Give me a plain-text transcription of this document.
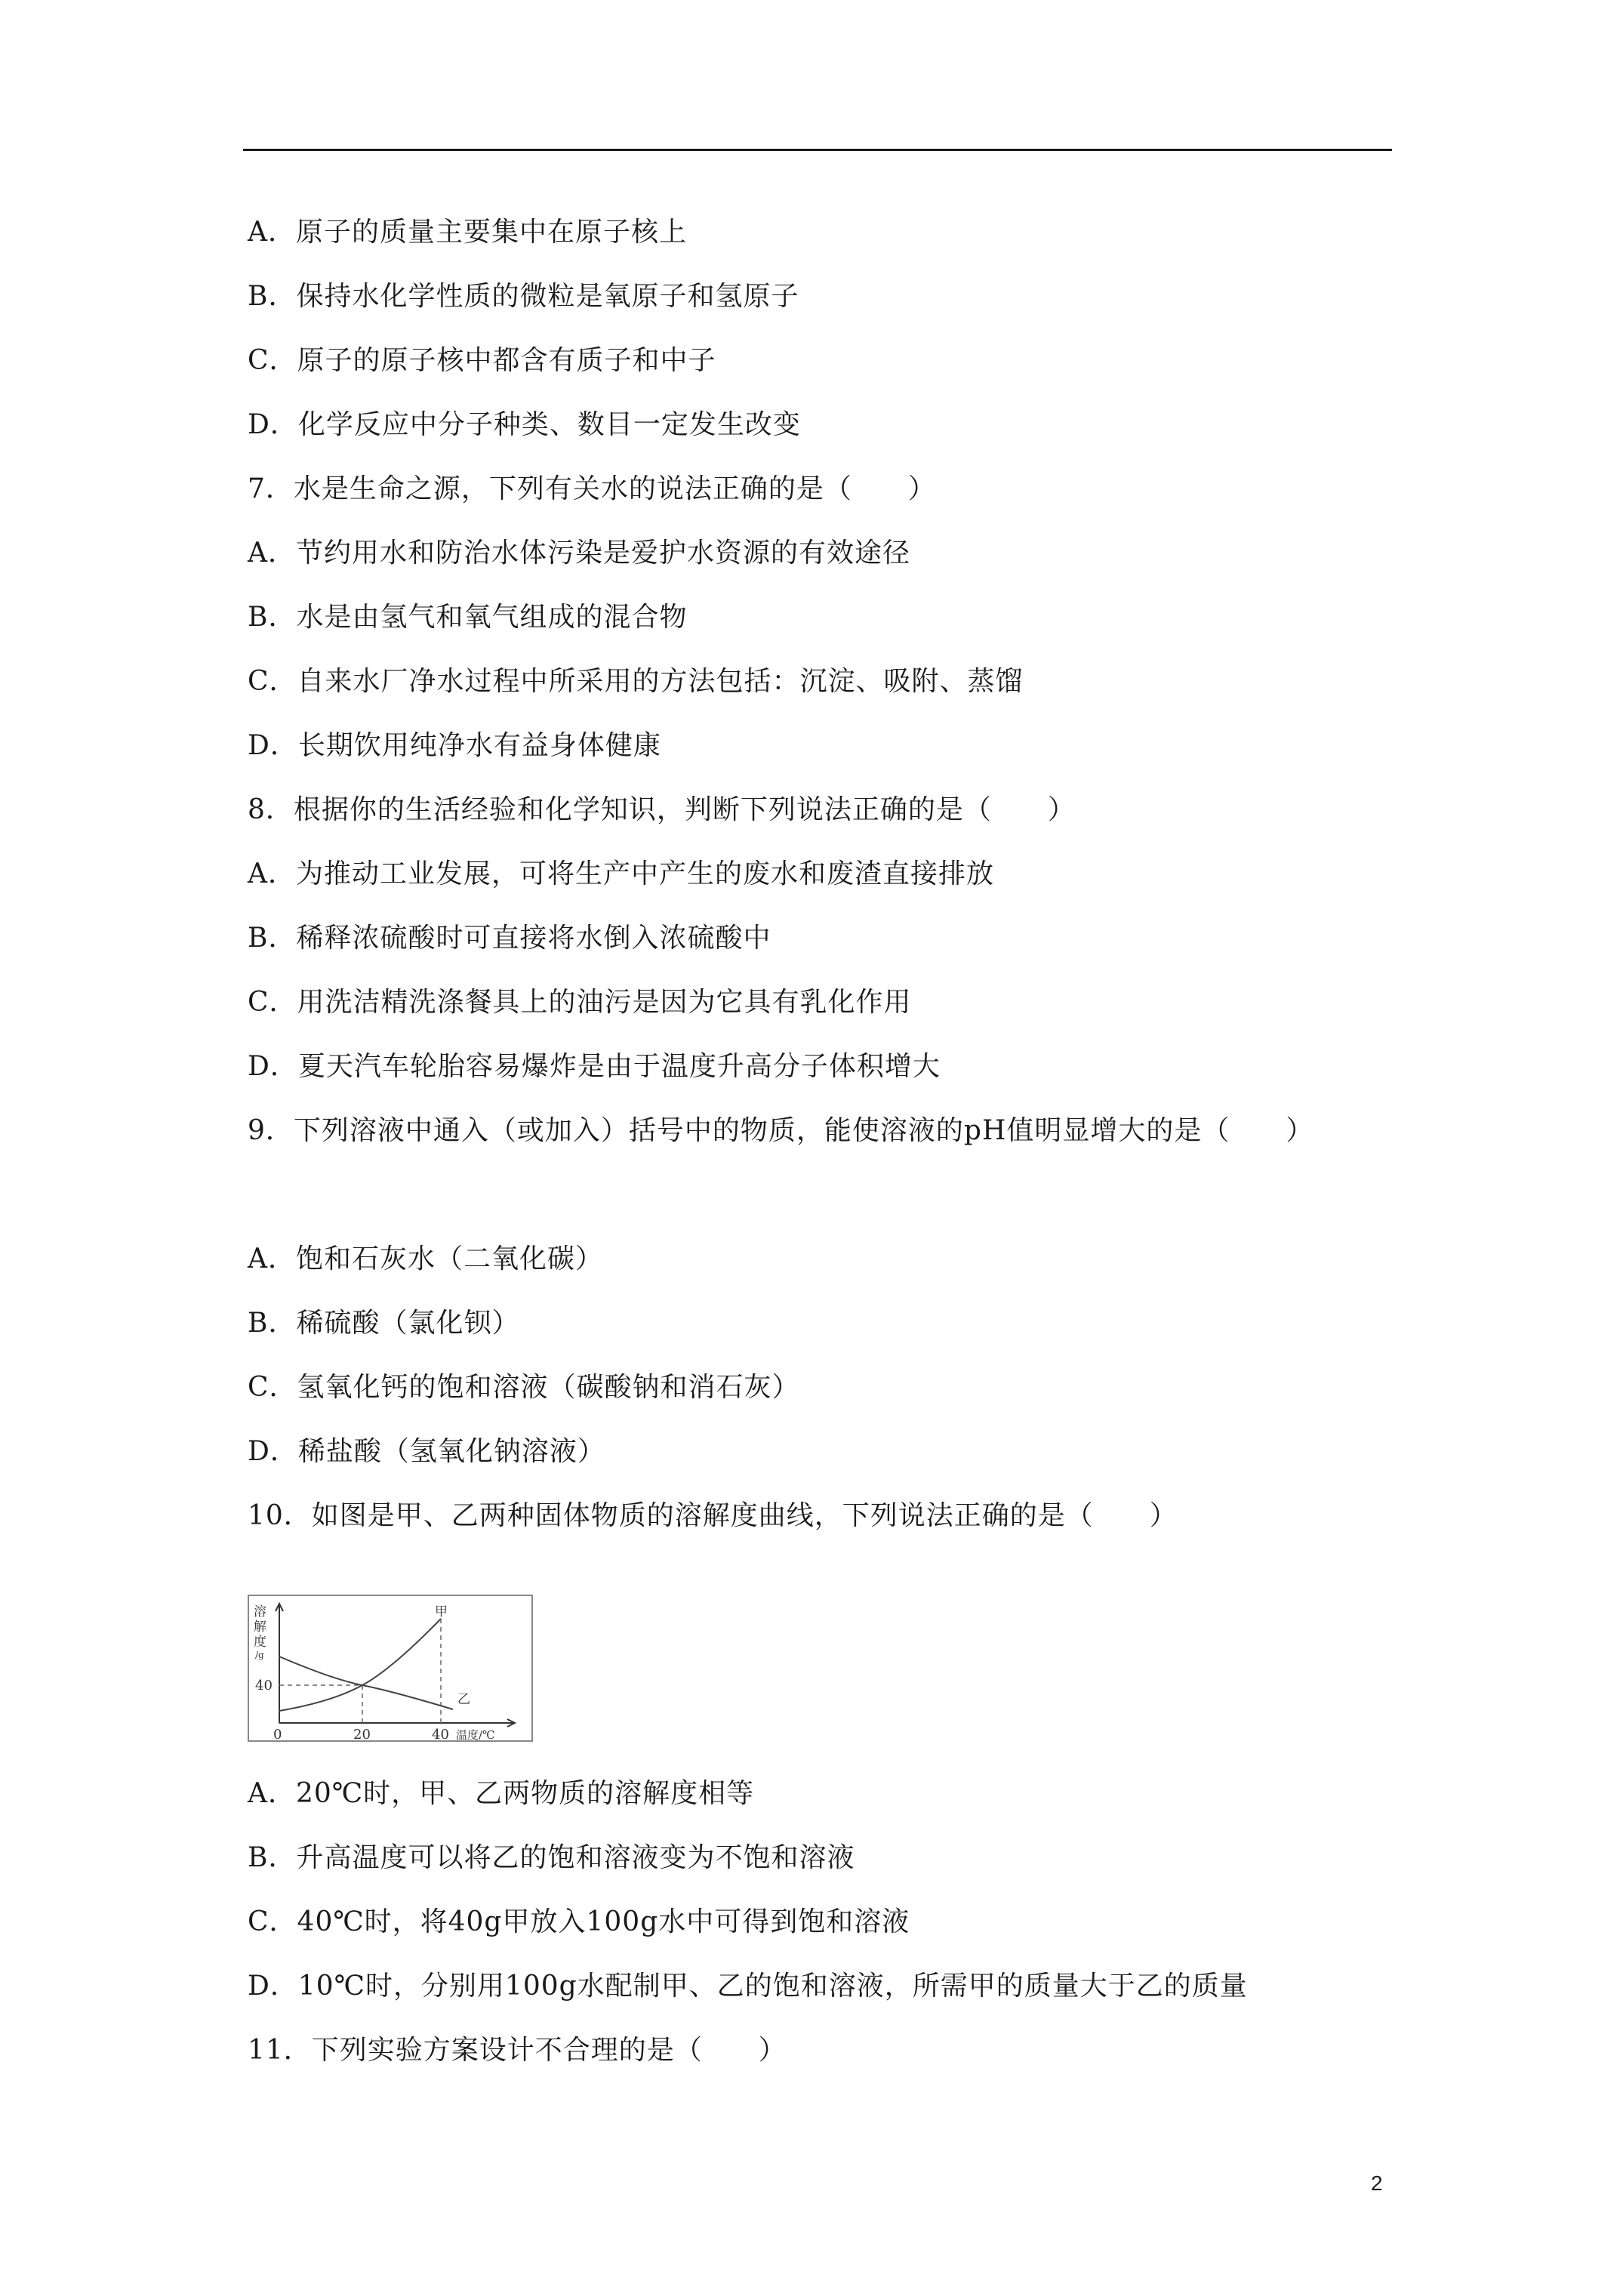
A．原子的质量主要集中在原子核上
B．保持水化学性质的微粒是氧原子和氢原子
C．原子的原子核中都含有质子和中子
D．化学反应中分子种类、数目一定发生改变
7．水是生命之源，下列有关水的说法正确的是（　　）
A．节约用水和防治水体污染是爱护水资源的有效途径
B．水是由氢气和氧气组成的混合物
C．自来水厂净水过程中所采用的方法包括：沉淀、吸附、蒸馏
D．长期饮用纯净水有益身体健康
8．根据你的生活经验和化学知识，判断下列说法正确的是（　　）
A．为推动工业发展，可将生产中产生的废水和废渣直接排放
B．稀释浓硫酸时可直接将水倒入浓硫酸中
C．用洗洁精洗涤餐具上的油污是因为它具有乳化作用
D．夏天汽车轮胎容易爆炸是由于温度升高分子体积增大
9．下列溶液中通入（或加入）括号中的物质，能使溶液的pH值明显增大的是（　　）
A．饱和石灰水（二氧化碳）
B．稀硫酸（氯化钡）
C．氢氧化钙的饱和溶液（碳酸钠和消石灰）
D．稀盐酸（氢氧化钠溶液）
10．如图是甲、乙两种固体物质的溶解度曲线，下列说法正确的是（　　）
溶
解
度
/g
40
0	20	40 温度/℃
甲
乙
A．20℃时，甲、乙两物质的溶解度相等
B．升高温度可以将乙的饱和溶液变为不饱和溶液
C．40℃时，将40g甲放入100g水中可得到饱和溶液
D．10℃时，分别用100g水配制甲、乙的饱和溶液，所需甲的质量大于乙的质量
11．下列实验方案设计不合理的是（　　）
2
